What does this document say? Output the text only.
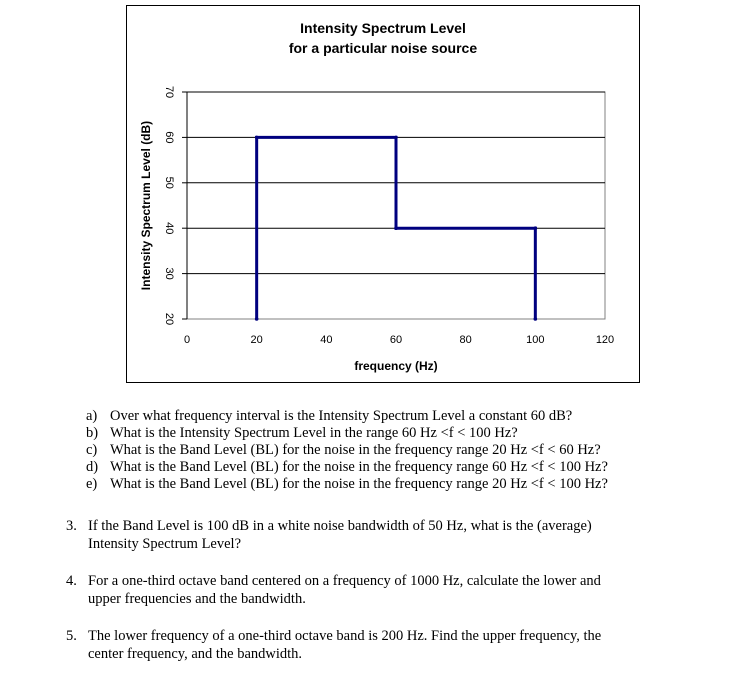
Intensity Spectrum Level
for a particular noise source
20
30
40
50
60
70
0	20	40	60	80	100	120
frequency (Hz)
Intensity Spectrum Level (dB)
a) Over what frequency interval is the Intensity Spectrum Level a constant 60 dB?
b) What is the Intensity Spectrum Level in the range 60 Hz <f < 100 Hz?
c) What is the Band Level (BL) for the noise in the frequency range 20 Hz <f < 60 Hz?
d) What is the Band Level (BL) for the noise in the frequency range 60 Hz <f < 100 Hz?
e) What is the Band Level (BL) for the noise in the frequency range 20 Hz <f < 100 Hz?
3. If the Band Level is 100 dB in a white noise bandwidth of 50 Hz, what is the (average)
Intensity Spectrum Level?
4. For a one-third octave band centered on a frequency of 1000 Hz, calculate the lower and
upper frequencies and the bandwidth.
5. The lower frequency of a one-third octave band is 200 Hz. Find the upper frequency, the
center frequency, and the bandwidth.
